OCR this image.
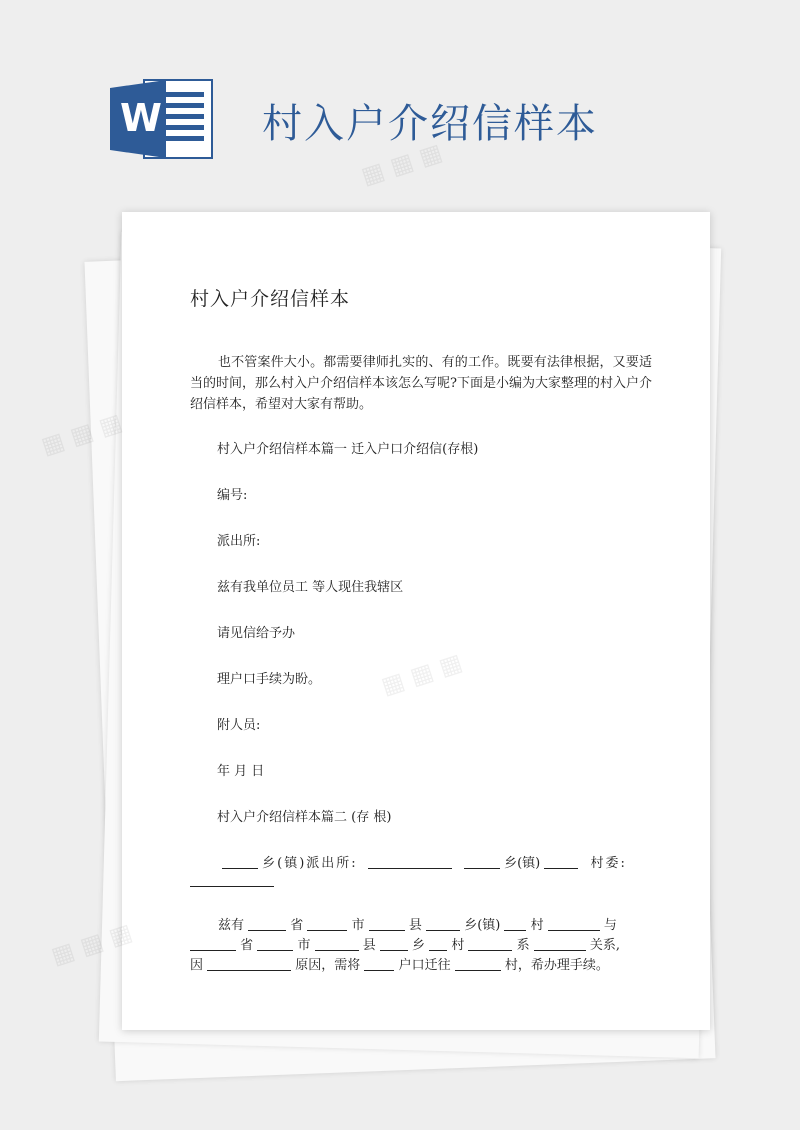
W	村入户介绍信样本
村入户介绍信样本
也不管案件大小。都需要律师扎实的、有的工作。既要有法律根据，又要适当的时间，那么村入户介绍信样本该怎么写呢?下面是小编为大家整理的村入户介绍信样本，希望对大家有帮助。
村入户介绍信样本篇一 迁入户口介绍信(存根)
编号:
派出所:
兹有我单位员工 等人现住我辖区
请见信给予办
理户口手续为盼。
附人员:
年 月 日
村入户介绍信样本篇二 (存 根)
乡(镇)派出所:	乡(镇)	村委:
兹有	省	市	县	乡(镇) 村	与
省	市	县	乡 村	系	关系,
因	原因，需将	户口迁往	村，希办理手续。
▦ ▦ ▦
▦ ▦ ▦
▦ ▦ ▦
